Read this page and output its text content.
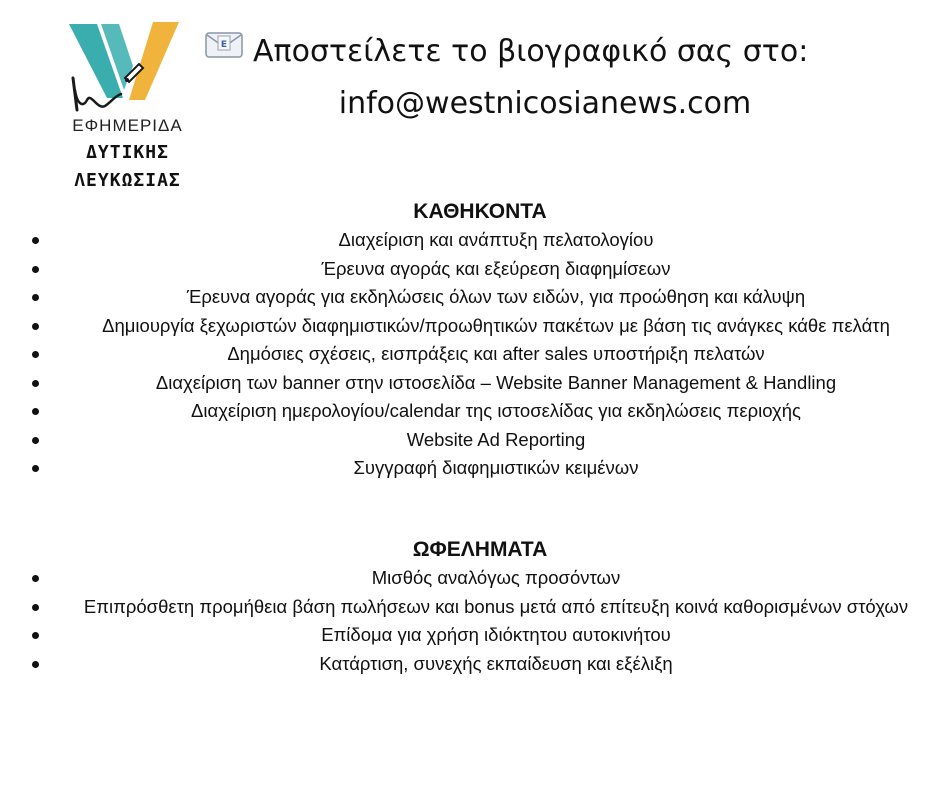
ΕΦΗΜΕΡΙΔΑ
ΔΥΤΙΚΗΣ
ΛΕΥΚΩΣΙΑΣ
E Αποστείλετε το βιογραφικό σας στο:
info@westnicosianews.com
ΚΑΘΗΚΟΝΤΑ
Διαχείριση και ανάπτυξη πελατολογίου
Έρευνα αγοράς και εξεύρεση διαφημίσεων
Έρευνα αγοράς για εκδηλώσεις όλων των ειδών, για προώθηση και κάλυψη
Δημιουργία ξεχωριστών διαφημιστικών/προωθητικών πακέτων με βάση τις ανάγκες κάθε πελάτη
Δημόσιες σχέσεις, εισπράξεις και after sales υποστήριξη πελατών
Διαχείριση των banner στην ιστοσελίδα – Website Banner Management & Handling
Διαχείριση ημερολογίου/calendar της ιστοσελίδας για εκδηλώσεις περιοχής
Website Ad Reporting
Συγγραφή διαφημιστικών κειμένων
ΩΦΕΛΗΜΑΤΑ
Μισθός αναλόγως προσόντων
Επιπρόσθετη προμήθεια βάση πωλήσεων και bonus μετά από επίτευξη κοινά καθορισμένων στόχων
Επίδομα για χρήση ιδιόκτητου αυτοκινήτου
Κατάρτιση, συνεχής εκπαίδευση και εξέλιξη
